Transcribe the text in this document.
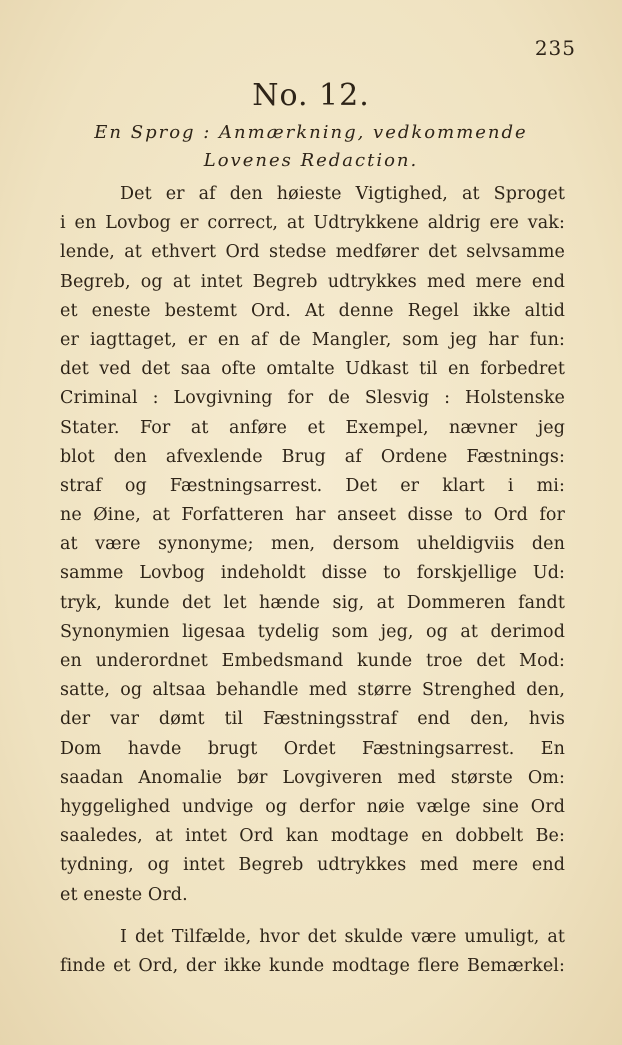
235
No. 12.
En Sprog : Anmærkning, vedkommende
Lovenes Redaction.
Det er af den høieste Vigtighed, at Sproget
i en Lovbog er correct, at Udtrykkene aldrig ere vak:
lende, at ethvert Ord stedse medfører det selvsamme
Begreb, og at intet Begreb udtrykkes med mere end
et eneste bestemt Ord. At denne Regel ikke altid
er iagttaget, er en af de Mangler, som jeg har fun:
det ved det saa ofte omtalte Udkast til en forbedret
Criminal : Lovgivning for de Slesvig : Holstenske
Stater. For at anføre et Exempel, nævner jeg
blot den afvexlende Brug af Ordene Fæstnings:
straf og Fæstningsarrest. Det er klart i mi:
ne Øine, at Forfatteren har anseet disse to Ord for
at være synonyme; men, dersom uheldigviis den
samme Lovbog indeholdt disse to forskjellige Ud:
tryk, kunde det let hænde sig, at Dommeren fandt
Synonymien ligesaa tydelig som jeg, og at derimod
en underordnet Embedsmand kunde troe det Mod:
satte, og altsaa behandle med større Strenghed den,
der var dømt til Fæstningsstraf end den, hvis
Dom havde brugt Ordet Fæstningsarrest. En
saadan Anomalie bør Lovgiveren med største Om:
hyggelighed undvige og derfor nøie vælge sine Ord
saaledes, at intet Ord kan modtage en dobbelt Be:
tydning, og intet Begreb udtrykkes med mere end
et eneste Ord.
I det Tilfælde, hvor det skulde være umuligt, at
finde et Ord, der ikke kunde modtage flere Bemærkel:
